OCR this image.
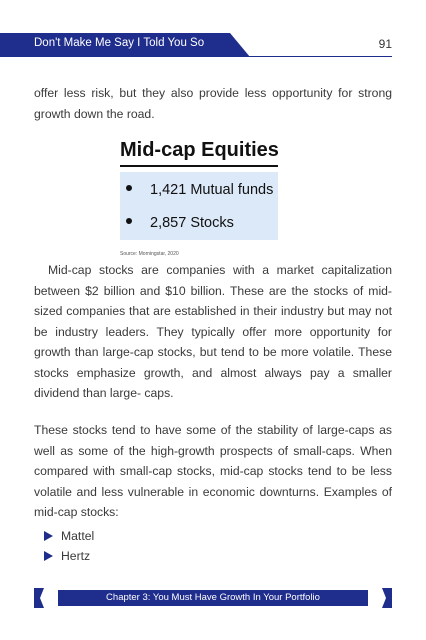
Don't Make Me Say I Told You So	91

offer less risk, but they also provide less opportunity for strong growth down the road.

Mid-cap Equities
1,421 Mutual funds
2,857 Stocks
Source: Morningstar, 2020

Mid-cap stocks are companies with a market capitalization between $2 billion and $10 billion. These are the stocks of mid-sized companies that are established in their industry but may not be industry leaders. They typically offer more opportunity for growth than large-cap stocks, but tend to be more volatile. These stocks emphasize growth, and almost always pay a smaller dividend than large- caps.

These stocks tend to have some of the stability of large-caps as well as some of the high-growth prospects of small-caps. When compared with small-cap stocks, mid-cap stocks tend to be less volatile and less vulnerable in economic downturns. Examples of mid-cap stocks:

Mattel
Hertz
Chapter 3: You Must Have Growth In Your Portfolio
